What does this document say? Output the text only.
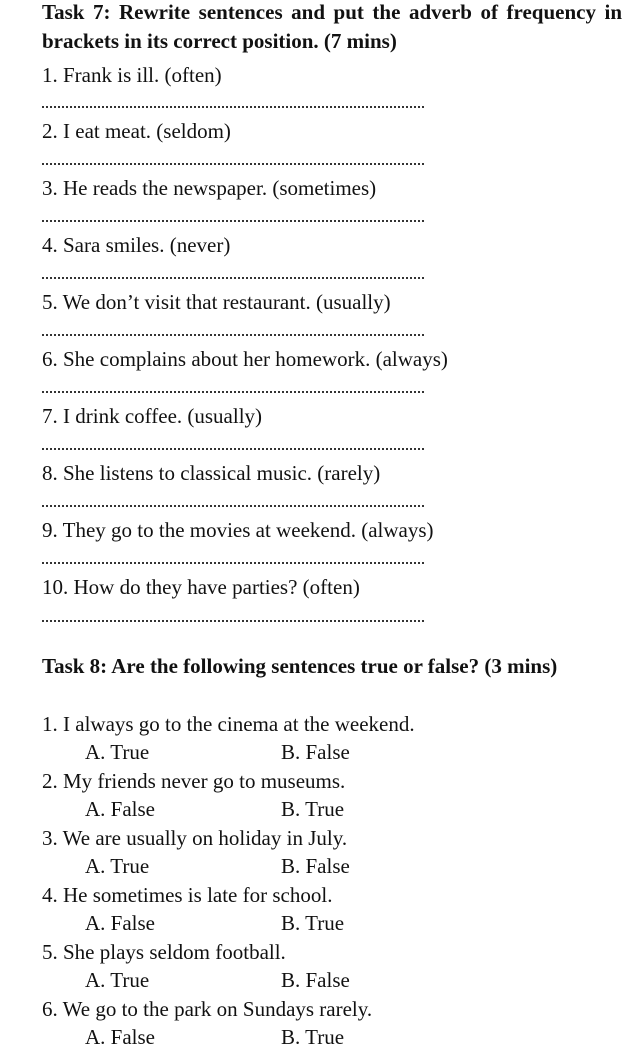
Task 7: Rewrite sentences and put the adverb of frequency in brackets in its correct position. (7 mins)
1. Frank is ill. (often)
2. I eat meat. (seldom)
3. He reads the newspaper. (sometimes)
4. Sara smiles. (never)
5. We don’t visit that restaurant. (usually)
6. She complains about her homework. (always)
7. I drink coffee. (usually)
8. She listens to classical music. (rarely)
9. They go to the movies at weekend. (always)
10. How do they have parties? (often)
Task 8: Are the following sentences true or false? (3 mins)
1. I always go to the cinema at the weekend.
A. True	B. False
2. My friends never go to museums.
A. False	B. True
3. We are usually on holiday in July.
A. True	B. False
4. He sometimes is late for school.
A. False	B. True
5. She plays seldom football.
A. True	B. False
6. We go to the park on Sundays rarely.
A. False	B. True
